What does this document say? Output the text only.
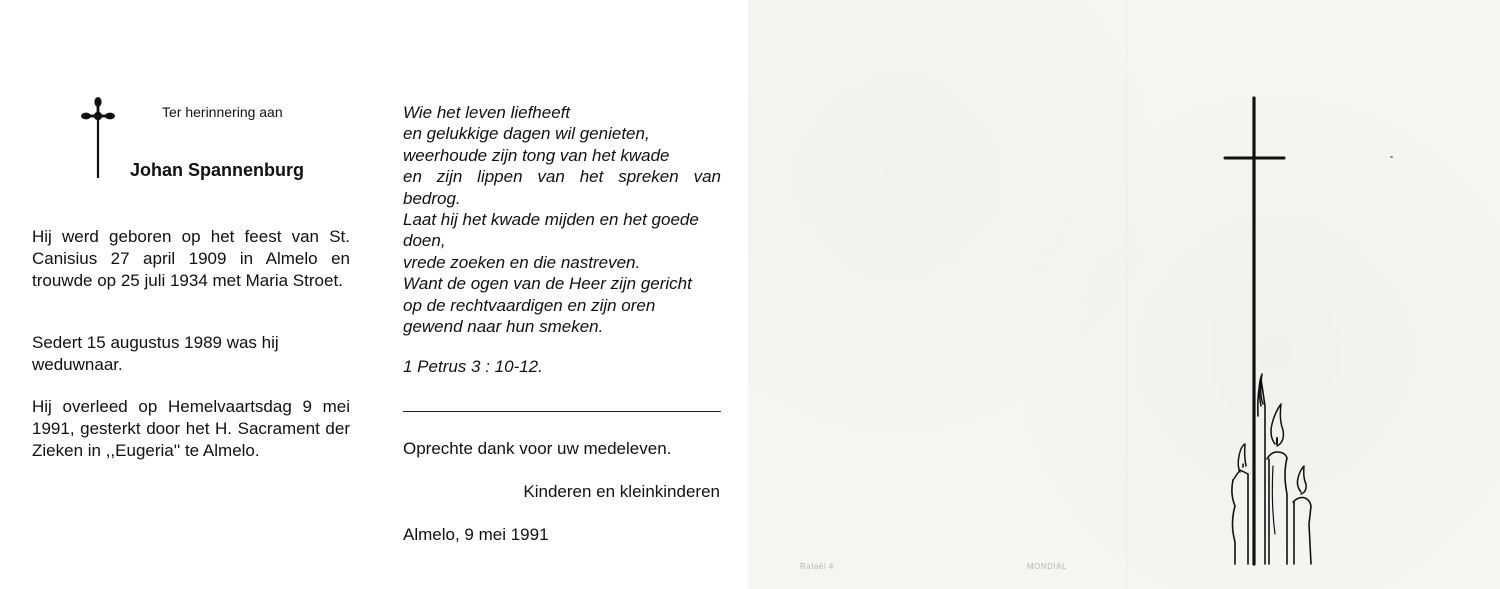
Ter herinnering aan

Johan Spannenburg

Hij werd geboren op het feest van St. Canisius 27 april 1909 in Almelo en trouwde op 25 juli 1934 met Maria Stroet.

Sedert 15 augustus 1989 was hij weduwnaar.

Hij overleed op Hemelvaartsdag 9 mei 1991, gesterkt door het H. Sacrament der Zieken in ,,Eugeria'' te Almelo.

Wie het leven liefheeft
en gelukkige dagen wil genieten,
weerhoude zijn tong van het kwade
en zijn lippen van het spreken van
bedrog.
Laat hij het kwade mijden en het goede
doen,
vrede zoeken en die nastreven.
Want de ogen van de Heer zijn gericht
op de rechtvaardigen en zijn oren
gewend naar hun smeken.

1 Petrus 3 : 10-12.

Oprechte dank voor uw medeleven.

Kinderen en kleinkinderen

Almelo, 9 mei 1991

Rafaël 4	MONDIAL
